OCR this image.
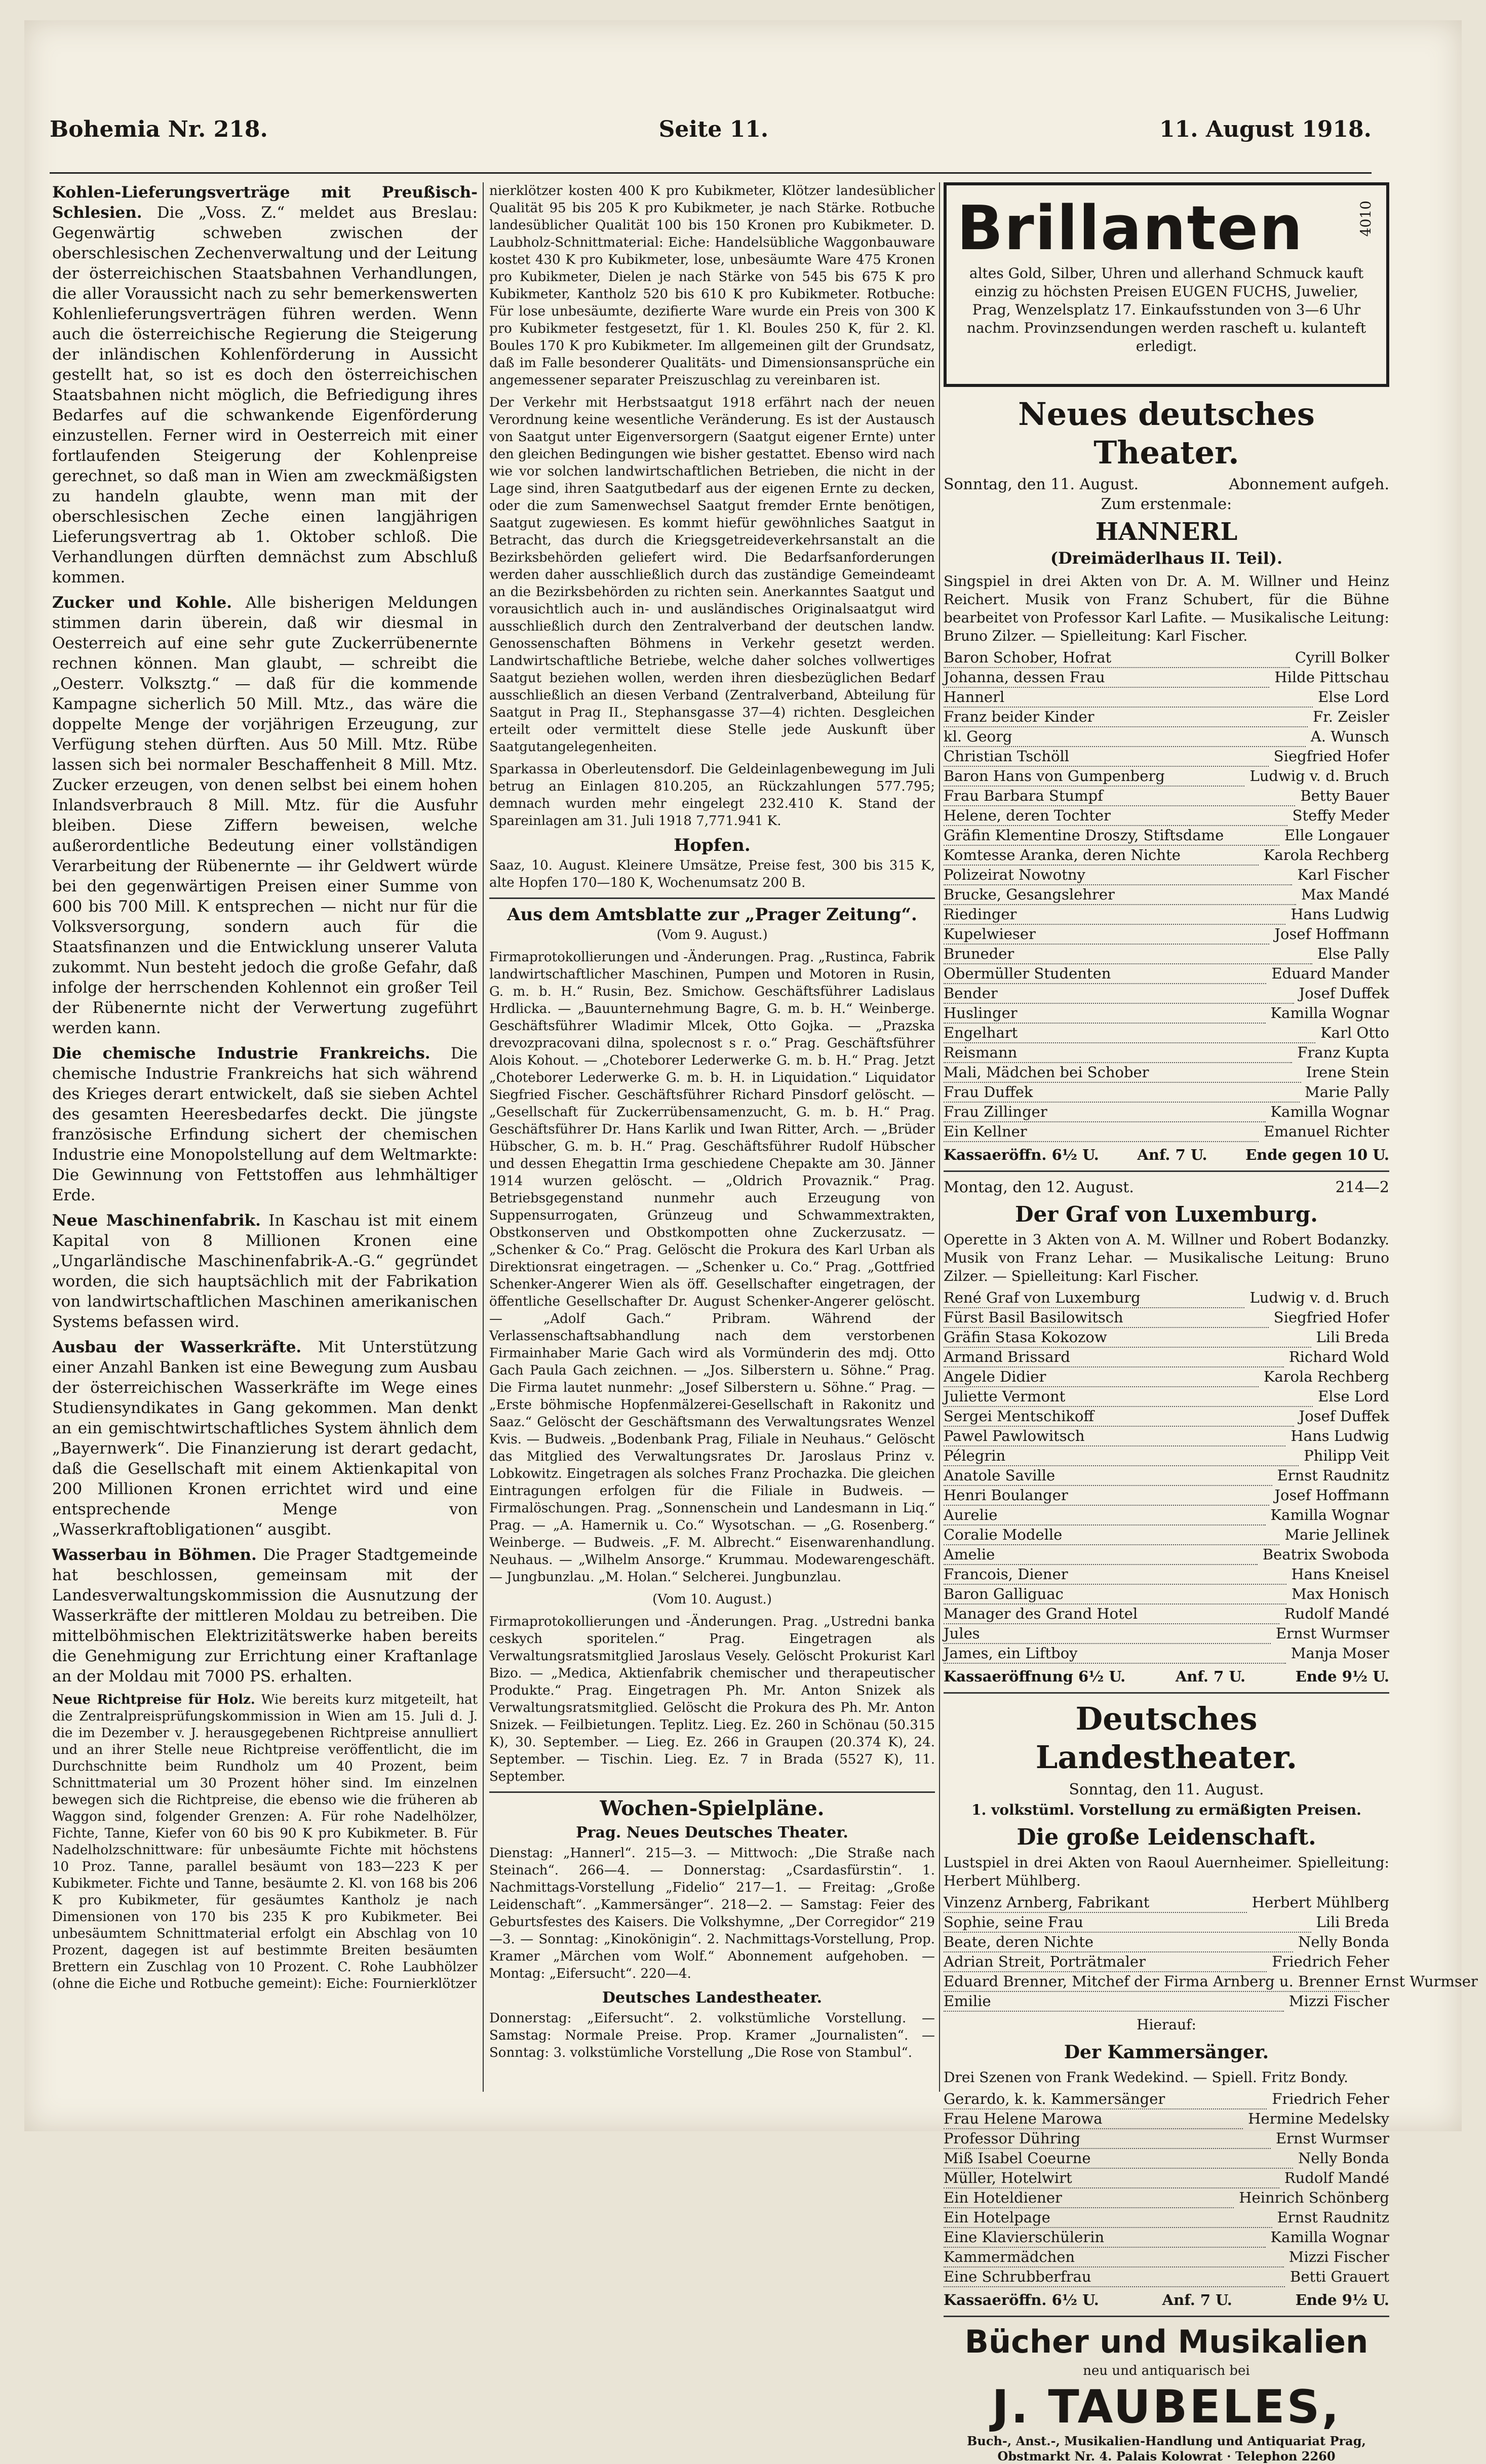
Bohemia Nr. 218.	Seite 11.	11. August 1918.

Kohlen-Lieferungsverträge mit Preußisch-Schlesien. Die „Voss. Z.“ meldet aus Breslau: Gegenwärtig schweben zwischen der oberschlesischen Zechenverwaltung und der Leitung der österreichischen Staatsbahnen Verhandlungen, die aller Voraussicht nach zu sehr bemerkenswerten Kohlenlieferungsverträgen führen werden. Wenn auch die österreichische Regierung die Steigerung der inländischen Kohlenförderung in Aussicht gestellt hat, so ist es doch den österreichischen Staatsbahnen nicht möglich, die Befriedigung ihres Bedarfes auf die schwankende Eigenförderung einzustellen. Ferner wird in Oesterreich mit einer fortlaufenden Steigerung der Kohlenpreise gerechnet, so daß man in Wien am zweckmäßigsten zu handeln glaubte, wenn man mit der oberschlesischen Zeche einen langjährigen Lieferungsvertrag ab 1. Oktober schloß. Die Verhandlungen dürften demnächst zum Abschluß kommen.

Zucker und Kohle. Alle bisherigen Meldungen stimmen darin überein, daß wir diesmal in Oesterreich auf eine sehr gute Zuckerrübenernte rechnen können. Man glaubt, — schreibt die „Oesterr. Volksztg.“ — daß für die kommende Kampagne sicherlich 50 Mill. Mtz., das wäre die doppelte Menge der vorjährigen Erzeugung, zur Verfügung stehen dürften. Aus 50 Mill. Mtz. Rübe lassen sich bei normaler Beschaffenheit 8 Mill. Mtz. Zucker erzeugen, von denen selbst bei einem hohen Inlandsverbrauch 8 Mill. Mtz. für die Ausfuhr bleiben. Diese Ziffern beweisen, welche außerordentliche Bedeutung einer vollständigen Verarbeitung der Rübenernte — ihr Geldwert würde bei den gegenwärtigen Preisen einer Summe von 600 bis 700 Mill. K entsprechen — nicht nur für die Volksversorgung, sondern auch für die Staatsfinanzen und die Entwicklung unserer Valuta zukommt. Nun besteht jedoch die große Gefahr, daß infolge der herrschenden Kohlennot ein großer Teil der Rübenernte nicht der Verwertung zugeführt werden kann.

Die chemische Industrie Frankreichs. Die chemische Industrie Frankreichs hat sich während des Krieges derart entwickelt, daß sie sieben Achtel des gesamten Heeresbedarfes deckt. Die jüngste französische Erfindung sichert der chemischen Industrie eine Monopolstellung auf dem Weltmarkte: Die Gewinnung von Fettstoffen aus lehmhältiger Erde.

Neue Maschinenfabrik. In Kaschau ist mit einem Kapital von 8 Millionen Kronen eine „Ungarländische Maschinenfabrik-A.-G.“ gegründet worden, die sich hauptsächlich mit der Fabrikation von landwirtschaftlichen Maschinen amerikanischen Systems befassen wird.

Ausbau der Wasserkräfte. Mit Unterstützung einer Anzahl Banken ist eine Bewegung zum Ausbau der österreichischen Wasserkräfte im Wege eines Studiensyndikates in Gang gekommen. Man denkt an ein gemischtwirtschaftliches System ähnlich dem „Bayernwerk“. Die Finanzierung ist derart gedacht, daß die Gesellschaft mit einem Aktienkapital von 200 Millionen Kronen errichtet wird und eine entsprechende Menge von „Wasserkraftobligationen“ ausgibt.

Wasserbau in Böhmen. Die Prager Stadtgemeinde hat beschlossen, gemeinsam mit der Landesverwaltungskommission die Ausnutzung der Wasserkräfte der mittleren Moldau zu betreiben. Die mittelböhmischen Elektrizitätswerke haben bereits die Genehmigung zur Errichtung einer Kraftanlage an der Moldau mit 7000 PS. erhalten.

Neue Richtpreise für Holz. Wie bereits kurz mitgeteilt, hat die Zentralpreisprüfungskommission in Wien am 15. Juli d. J. die im Dezember v. J. herausgegebenen Richtpreise annulliert und an ihrer Stelle neue Richtpreise veröffentlicht, die im Durchschnitte beim Rundholz um 40 Prozent, beim Schnittmaterial um 30 Prozent höher sind. Im einzelnen bewegen sich die Richtpreise, die ebenso wie die früheren ab Waggon sind, folgender Grenzen: A. Für rohe Nadelhölzer, Fichte, Tanne, Kiefer von 60 bis 90 K pro Kubikmeter. B. Für Nadelholzschnittware: für unbesäumte Fichte mit höchstens 10 Proz. Tanne, parallel besäumt von 183—223 K per Kubikmeter. Fichte und Tanne, besäumte 2. Kl. von 168 bis 206 K pro Kubikmeter, für gesäumtes Kantholz je nach Dimensionen von 170 bis 235 K pro Kubikmeter. Bei unbesäumtem Schnittmaterial erfolgt ein Abschlag von 10 Prozent, dagegen ist auf bestimmte Breiten besäumten Brettern ein Zuschlag von 10 Prozent. C. Rohe Laubhölzer (ohne die Eiche und Rotbuche gemeint): Eiche: Fournierklötzer

nierklötzer kosten 400 K pro Kubikmeter, Klötzer landesüblicher Qualität 95 bis 205 K pro Kubikmeter, je nach Stärke. Rotbuche landesüblicher Qualität 100 bis 150 Kronen pro Kubikmeter. D. Laubholz-Schnittmaterial: Eiche: Handelsübliche Waggonbauware kostet 430 K pro Kubikmeter, lose, unbesäumte Ware 475 Kronen pro Kubikmeter, Dielen je nach Stärke von 545 bis 675 K pro Kubikmeter, Kantholz 520 bis 610 K pro Kubikmeter. Rotbuche: Für lose unbesäumte, dezifierte Ware wurde ein Preis von 300 K pro Kubikmeter festgesetzt, für 1. Kl. Boules 250 K, für 2. Kl. Boules 170 K pro Kubikmeter. Im allgemeinen gilt der Grundsatz, daß im Falle besonderer Qualitäts- und Dimensionsansprüche ein angemessener separater Preiszuschlag zu vereinbaren ist.

Der Verkehr mit Herbstsaatgut 1918 erfährt nach der neuen Verordnung keine wesentliche Veränderung. Es ist der Austausch von Saatgut unter Eigenversorgern (Saatgut eigener Ernte) unter den gleichen Bedingungen wie bisher gestattet. Ebenso wird nach wie vor solchen landwirtschaftlichen Betrieben, die nicht in der Lage sind, ihren Saatgutbedarf aus der eigenen Ernte zu decken, oder die zum Samenwechsel Saatgut fremder Ernte benötigen, Saatgut zugewiesen. Es kommt hiefür gewöhnliches Saatgut in Betracht, das durch die Kriegsgetreideverkehrsanstalt an die Bezirksbehörden geliefert wird. Die Bedarfsanforderungen werden daher ausschließlich durch das zuständige Gemeindeamt an die Bezirksbehörden zu richten sein. Anerkanntes Saatgut und vorausichtlich auch in- und ausländisches Originalsaatgut wird ausschließlich durch den Zentralverband der deutschen landw. Genossenschaften Böhmens in Verkehr gesetzt werden. Landwirtschaftliche Betriebe, welche daher solches vollwertiges Saatgut beziehen wollen, werden ihren diesbezüglichen Bedarf ausschließlich an diesen Verband (Zentralverband, Abteilung für Saatgut in Prag II., Stephansgasse 37—4) richten. Desgleichen erteilt oder vermittelt diese Stelle jede Auskunft über Saatgutangelegenheiten.

Sparkassa in Oberleutensdorf. Die Geldeinlagenbewegung im Juli betrug an Einlagen 810.205, an Rückzahlungen 577.795; demnach wurden mehr eingelegt 232.410 K. Stand der Spareinlagen am 31. Juli 1918 7,771.941 K.

Hopfen.

Saaz, 10. August. Kleinere Umsätze, Preise fest, 300 bis 315 K, alte Hopfen 170—180 K, Wochenumsatz 200 B.

Aus dem Amtsblatte zur „Prager Zeitung“.
(Vom 9. August.)

Firmaprotokollierungen und -Änderungen. Prag. „Rustinca, Fabrik landwirtschaftlicher Maschinen, Pumpen und Motoren in Rusin, G. m. b. H.“ Rusin, Bez. Smichow. Geschäftsführer Ladislaus Hrdlicka. — „Bauunternehmung Bagre, G. m. b. H.“ Weinberge. Geschäftsführer Wladimir Mlcek, Otto Gojka. — „Prazska drevozpracovani dilna, spolecnost s r. o.“ Prag. Geschäftsführer Alois Kohout. — „Choteborer Lederwerke G. m. b. H.“ Prag. Jetzt „Choteborer Lederwerke G. m. b. H. in Liquidation.“ Liquidator Siegfried Fischer. Geschäftsführer Richard Pinsdorf gelöscht. — „Gesellschaft für Zuckerrübensamenzucht, G. m. b. H.“ Prag. Geschäftsführer Dr. Hans Karlik und Iwan Ritter, Arch. — „Brüder Hübscher, G. m. b. H.“ Prag. Geschäftsführer Rudolf Hübscher und dessen Ehegattin Irma geschiedene Chepakte am 30. Jänner 1914 wurzen gelöscht. — „Oldrich Provaznik.“ Prag. Betriebsgegenstand nunmehr auch Erzeugung von Suppensurrogaten, Grünzeug und Schwammextrakten, Obstkonserven und Obstkompotten ohne Zuckerzusatz. — „Schenker & Co.“ Prag. Gelöscht die Prokura des Karl Urban als Direktionsrat eingetragen. — „Schenker u. Co.“ Prag. „Gottfried Schenker-Angerer Wien als öff. Gesellschafter eingetragen, der öffentliche Gesellschafter Dr. August Schenker-Angerer gelöscht. — „Adolf Gach.“ Pribram. Während der Verlassenschaftsabhandlung nach dem verstorbenen Firmainhaber Marie Gach wird als Vormünderin des mdj. Otto Gach Paula Gach zeichnen. — „Jos. Silberstern u. Söhne.“ Prag. Die Firma lautet nunmehr: „Josef Silberstern u. Söhne.“ Prag. — „Erste böhmische Hopfenmälzerei-Gesellschaft in Rakonitz und Saaz.“ Gelöscht der Geschäftsmann des Verwaltungsrates Wenzel Kvis. — Budweis. „Bodenbank Prag, Filiale in Neuhaus.“ Gelöscht das Mitglied des Verwaltungsrates Dr. Jaroslaus Prinz v. Lobkowitz. Eingetragen als solches Franz Prochazka. Die gleichen Eintragungen erfolgen für die Filiale in Budweis. — Firmalöschungen. Prag. „Sonnenschein und Landesmann in Liq.“ Prag. — „A. Hamernik u. Co.“ Wysotschan. — „G. Rosenberg.“ Weinberge. — Budweis. „F. M. Albrecht.“ Eisenwarenhandlung. Neuhaus. — „Wilhelm Ansorge.“ Krummau. Modewarengeschäft. — Jungbunzlau. „M. Holan.“ Selcherei. Jungbunzlau.

(Vom 10. August.)

Firmaprotokollierungen und -Änderungen. Prag. „Ustredni banka ceskych sporitelen.“ Prag. Eingetragen als Verwaltungsratsmitglied Jaroslaus Vesely. Gelöscht Prokurist Karl Bizo. — „Medica, Aktienfabrik chemischer und therapeutischer Produkte.“ Prag. Eingetragen Ph. Mr. Anton Snizek als Verwaltungsratsmitglied. Gelöscht die Prokura des Ph. Mr. Anton Snizek. — Feilbietungen. Teplitz. Lieg. Ez. 260 in Schönau (50.315 K), 30. September. — Lieg. Ez. 266 in Graupen (20.374 K), 24. September. — Tischin. Lieg. Ez. 7 in Brada (5527 K), 11. September.

Wochen-Spielpläne.
Prag. Neues Deutsches Theater.

Dienstag: „Hannerl“. 215—3. — Mittwoch: „Die Straße nach Steinach“. 266—4. — Donnerstag: „Csardasfürstin“. 1. Nachmittags-Vorstellung „Fidelio“ 217—1. — Freitag: „Große Leidenschaft“. „Kammersänger“. 218—2. — Samstag: Feier des Geburtsfestes des Kaisers. Die Volkshymne, „Der Corregidor“ 219—3. — Sonntag: „Kinokönigin“. 2. Nachmittags-Vorstellung, Prop. Kramer „Märchen vom Wolf.“ Abonnement aufgehoben. — Montag: „Eifersucht“. 220—4.

Deutsches Landestheater.

Donnerstag: „Eifersucht“. 2. volkstümliche Vorstellung. — Samstag: Normale Preise. Prop. Kramer „Journalisten“. — Sonntag: 3. volkstümliche Vorstellung „Die Rose von Stambul“.

Brillanten	4010
altes Gold, Silber, Uhren und allerhand Schmuck kauft einzig zu höchsten Preisen EUGEN FUCHS, Juwelier, Prag, Wenzelsplatz 17. Einkaufsstunden von 3—6 Uhr nachm. Provinzsendungen werden rascheft u. kulanteft erledigt.
Neues deutsches Theater.
Sonntag, den 11. August.	Abonnement aufgeh.
Zum erstenmale:
HANNERL
(Dreimäderlhaus II. Teil).
Singspiel in drei Akten von Dr. A. M. Willner und Heinz Reichert. Musik von Franz Schubert, für die Bühne bearbeitet von Professor Karl Lafite. — Musikalische Leitung: Bruno Zilzer. — Spielleitung: Karl Fischer.
Baron Schober, Hofrat	Cyrill Bolker
Johanna, dessen Frau	Hilde Pittschau
Hannerl	Else Lord
Franz beider Kinder	Fr. Zeisler
kl. Georg	A. Wunsch
Christian Tschöll	Siegfried Hofer
Baron Hans von Gumpenberg	Ludwig v. d. Bruch
Frau Barbara Stumpf	Betty Bauer
Helene, deren Tochter	Steffy Meder
Gräfin Klementine Droszy, Stiftsdame	Elle Longauer
Komtesse Aranka, deren Nichte	Karola Rechberg
Polizeirat Nowotny	Karl Fischer
Brucke, Gesangslehrer	Max Mandé
Riedinger	Hans Ludwig
Kupelwieser	Josef Hoffmann
Bruneder	Else Pally
Obermüller Studenten	Eduard Mander
Bender	Josef Duffek
Huslinger	Kamilla Wognar
Engelhart	Karl Otto
Reismann	Franz Kupta
Mali, Mädchen bei Schober	Irene Stein
Frau Duffek	Marie Pally
Frau Zillinger	Kamilla Wognar
Ein Kellner	Emanuel Richter
Kassaeröffn. 6½ U.	Anf. 7 U.	Ende gegen 10 U.
Montag, den 12. August.	214—2
Der Graf von Luxemburg.
Operette in 3 Akten von A. M. Willner und Robert Bodanzky. Musik von Franz Lehar. — Musikalische Leitung: Bruno Zilzer. — Spielleitung: Karl Fischer.
René Graf von Luxemburg	Ludwig v. d. Bruch
Fürst Basil Basilowitsch	Siegfried Hofer
Gräfin Stasa Kokozow	Lili Breda
Armand Brissard	Richard Wold
Angele Didier	Karola Rechberg
Juliette Vermont	Else Lord
Sergei Mentschikoff	Josef Duffek
Pawel Pawlowitsch	Hans Ludwig
Pélegrin	Philipp Veit
Anatole Saville	Ernst Raudnitz
Henri Boulanger	Josef Hoffmann
Aurelie	Kamilla Wognar
Coralie Modelle	Marie Jellinek
Amelie	Beatrix Swoboda
Francois, Diener	Hans Kneisel
Baron Galliguac	Max Honisch
Manager des Grand Hotel	Rudolf Mandé
Jules	Ernst Wurmser
James, ein Liftboy	Manja Moser
Kassaeröffnung 6½ U.	Anf. 7 U.	Ende 9½ U.
Deutsches Landestheater.
Sonntag, den 11. August.
1. volkstüml. Vorstellung zu ermäßigten Preisen.
Die große Leidenschaft.
Lustspiel in drei Akten von Raoul Auernheimer. Spielleitung: Herbert Mühlberg.
Vinzenz Arnberg, Fabrikant	Herbert Mühlberg
Sophie, seine Frau	Lili Breda
Beate, deren Nichte	Nelly Bonda
Adrian Streit, Porträtmaler	Friedrich Feher
Eduard Brenner, Mitchef der Firma Arnberg u. Brenner Ernst Wurmser
Emilie	Mizzi Fischer
Hierauf:
Der Kammersänger.
Drei Szenen von Frank Wedekind. — Spiell. Fritz Bondy.
Gerardo, k. k. Kammersänger	Friedrich Feher
Frau Helene Marowa	Hermine Medelsky
Professor Dühring	Ernst Wurmser
Miß Isabel Coeurne	Nelly Bonda
Müller, Hotelwirt	Rudolf Mandé
Ein Hoteldiener	Heinrich Schönberg
Ein Hotelpage	Ernst Raudnitz
Eine Klavierschülerin	Kamilla Wognar
Kammermädchen	Mizzi Fischer
Eine Schrubberfrau	Betti Grauert
Kassaeröffn. 6½ U.	Anf. 7 U.	Ende 9½ U.
Bücher und Musikalien
neu und antiquarisch bei
J. TAUBELES,
Buch-, Anst.-, Musikalien-Handlung und Antiquariat Prag, Obstmarkt Nr. 4. Palais Kolowrat · Telephon 2260
